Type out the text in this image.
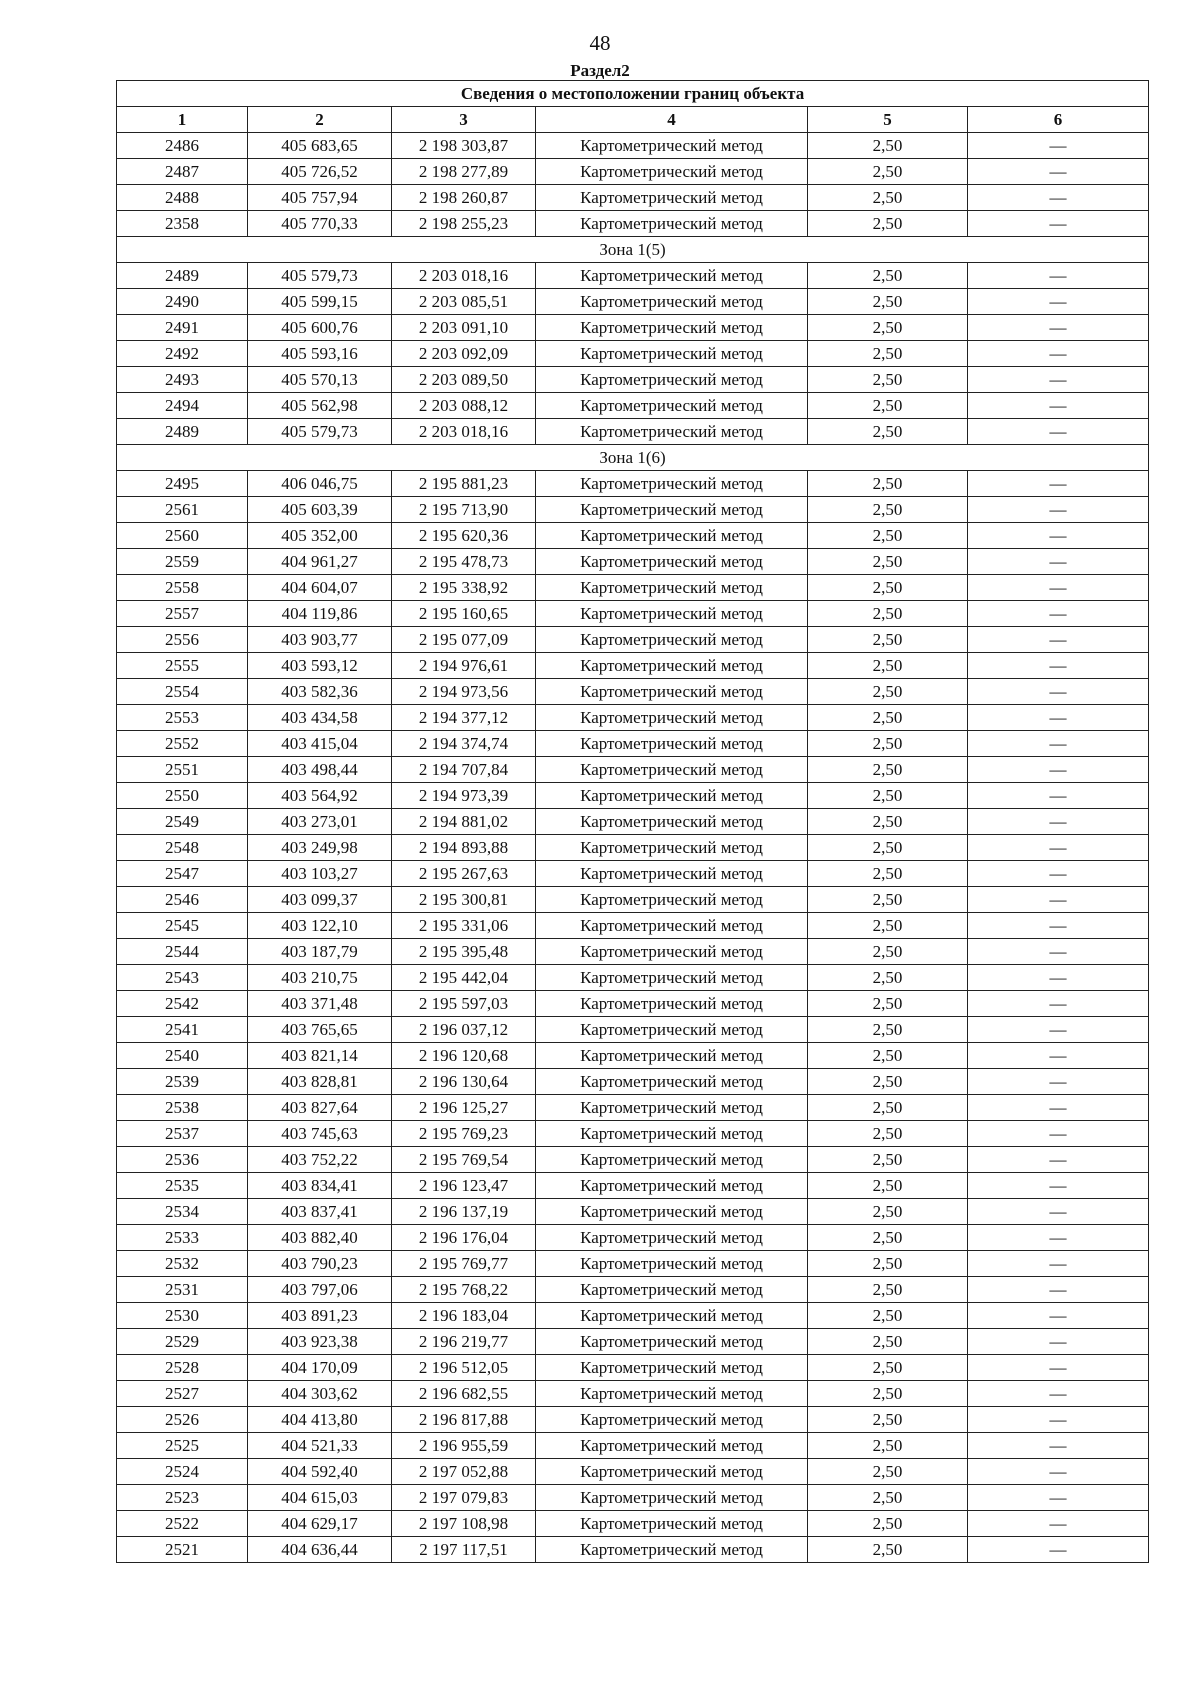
48
Раздел2
Сведения о местоположении границ объекта					
1	2	3	4	5	6
2486	405 683,65	2 198 303,87	Картометрический метод	2,50	—
2487	405 726,52	2 198 277,89	Картометрический метод	2,50	—
2488	405 757,94	2 198 260,87	Картометрический метод	2,50	—
2358	405 770,33	2 198 255,23	Картометрический метод	2,50	—
Зона 1(5)					
2489	405 579,73	2 203 018,16	Картометрический метод	2,50	—
2490	405 599,15	2 203 085,51	Картометрический метод	2,50	—
2491	405 600,76	2 203 091,10	Картометрический метод	2,50	—
2492	405 593,16	2 203 092,09	Картометрический метод	2,50	—
2493	405 570,13	2 203 089,50	Картометрический метод	2,50	—
2494	405 562,98	2 203 088,12	Картометрический метод	2,50	—
2489	405 579,73	2 203 018,16	Картометрический метод	2,50	—
Зона 1(6)					
2495	406 046,75	2 195 881,23	Картометрический метод	2,50	—
2561	405 603,39	2 195 713,90	Картометрический метод	2,50	—
2560	405 352,00	2 195 620,36	Картометрический метод	2,50	—
2559	404 961,27	2 195 478,73	Картометрический метод	2,50	—
2558	404 604,07	2 195 338,92	Картометрический метод	2,50	—
2557	404 119,86	2 195 160,65	Картометрический метод	2,50	—
2556	403 903,77	2 195 077,09	Картометрический метод	2,50	—
2555	403 593,12	2 194 976,61	Картометрический метод	2,50	—
2554	403 582,36	2 194 973,56	Картометрический метод	2,50	—
2553	403 434,58	2 194 377,12	Картометрический метод	2,50	—
2552	403 415,04	2 194 374,74	Картометрический метод	2,50	—
2551	403 498,44	2 194 707,84	Картометрический метод	2,50	—
2550	403 564,92	2 194 973,39	Картометрический метод	2,50	—
2549	403 273,01	2 194 881,02	Картометрический метод	2,50	—
2548	403 249,98	2 194 893,88	Картометрический метод	2,50	—
2547	403 103,27	2 195 267,63	Картометрический метод	2,50	—
2546	403 099,37	2 195 300,81	Картометрический метод	2,50	—
2545	403 122,10	2 195 331,06	Картометрический метод	2,50	—
2544	403 187,79	2 195 395,48	Картометрический метод	2,50	—
2543	403 210,75	2 195 442,04	Картометрический метод	2,50	—
2542	403 371,48	2 195 597,03	Картометрический метод	2,50	—
2541	403 765,65	2 196 037,12	Картометрический метод	2,50	—
2540	403 821,14	2 196 120,68	Картометрический метод	2,50	—
2539	403 828,81	2 196 130,64	Картометрический метод	2,50	—
2538	403 827,64	2 196 125,27	Картометрический метод	2,50	—
2537	403 745,63	2 195 769,23	Картометрический метод	2,50	—
2536	403 752,22	2 195 769,54	Картометрический метод	2,50	—
2535	403 834,41	2 196 123,47	Картометрический метод	2,50	—
2534	403 837,41	2 196 137,19	Картометрический метод	2,50	—
2533	403 882,40	2 196 176,04	Картометрический метод	2,50	—
2532	403 790,23	2 195 769,77	Картометрический метод	2,50	—
2531	403 797,06	2 195 768,22	Картометрический метод	2,50	—
2530	403 891,23	2 196 183,04	Картометрический метод	2,50	—
2529	403 923,38	2 196 219,77	Картометрический метод	2,50	—
2528	404 170,09	2 196 512,05	Картометрический метод	2,50	—
2527	404 303,62	2 196 682,55	Картометрический метод	2,50	—
2526	404 413,80	2 196 817,88	Картометрический метод	2,50	—
2525	404 521,33	2 196 955,59	Картометрический метод	2,50	—
2524	404 592,40	2 197 052,88	Картометрический метод	2,50	—
2523	404 615,03	2 197 079,83	Картометрический метод	2,50	—
2522	404 629,17	2 197 108,98	Картометрический метод	2,50	—
2521	404 636,44	2 197 117,51	Картометрический метод	2,50	—
